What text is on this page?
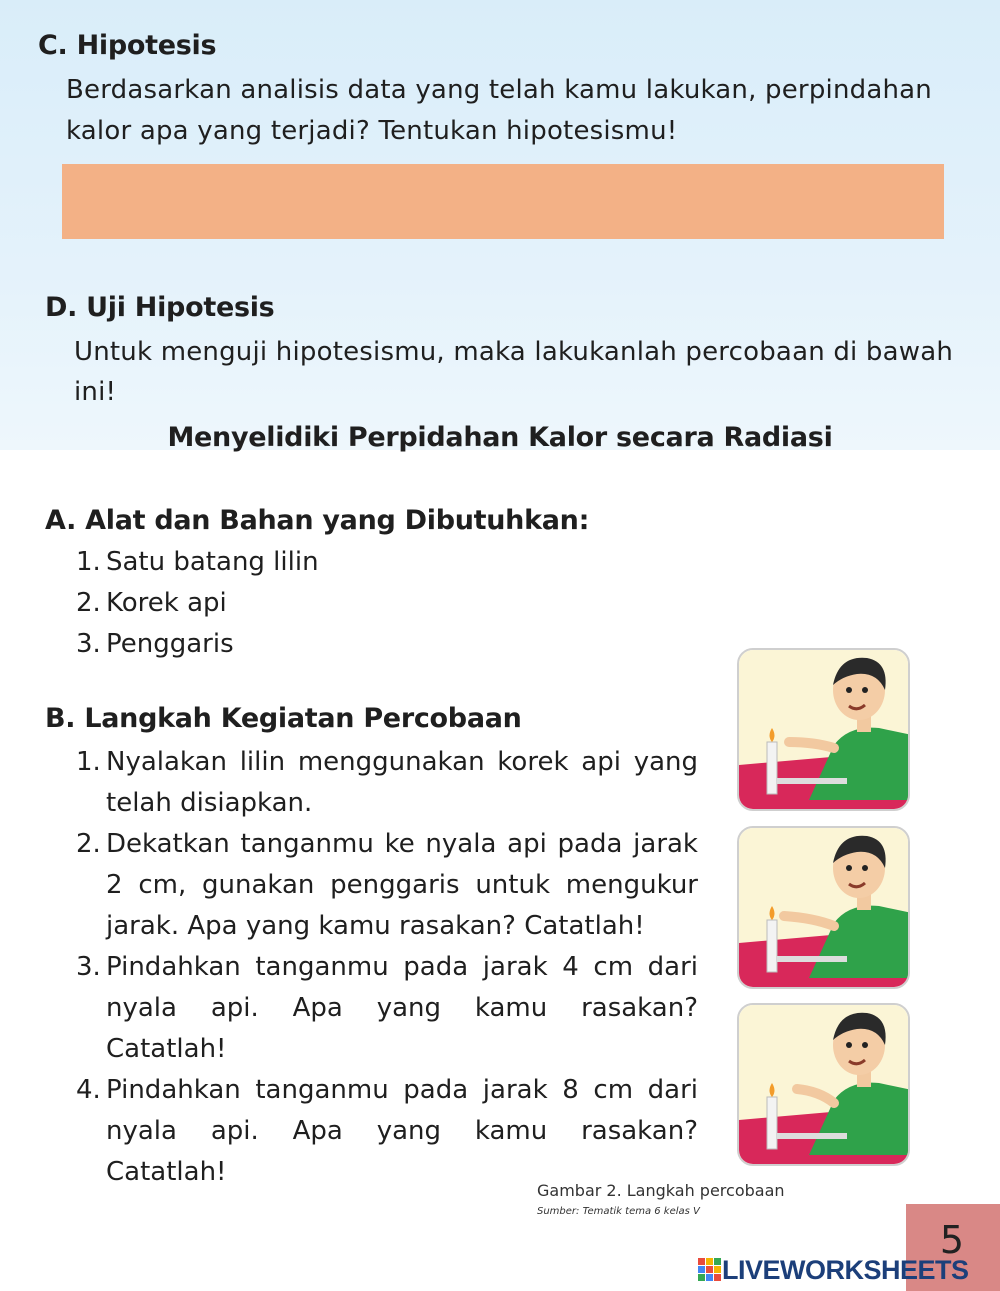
C. Hipotesis
Berdasarkan analisis data yang telah kamu lakukan, perpindahan
kalor apa yang terjadi? Tentukan hipotesismu!
D. Uji Hipotesis
Untuk menguji hipotesismu, maka lakukanlah percobaan di bawah
ini!
Menyelidiki Perpidahan Kalor secara Radiasi
A. Alat dan Bahan yang Dibutuhkan:
1. Satu batang lilin
2. Korek api
3. Penggaris
B. Langkah Kegiatan Percobaan
1. Nyalakan lilin menggunakan korek api yang telah disiapkan.
2. Dekatkan tanganmu ke nyala api pada jarak 2 cm, gunakan penggaris untuk mengukur jarak. Apa yang kamu rasakan? Catatlah!
3. Pindahkan tanganmu pada jarak 4 cm dari nyala api. Apa yang kamu rasakan? Catatlah!
4. Pindahkan tanganmu pada jarak 8 cm dari nyala api. Apa yang kamu rasakan? Catatlah!
Gambar 2. Langkah percobaan
Sumber: Tematik tema 6 kelas V
5
LIVEWORKSHEETS
